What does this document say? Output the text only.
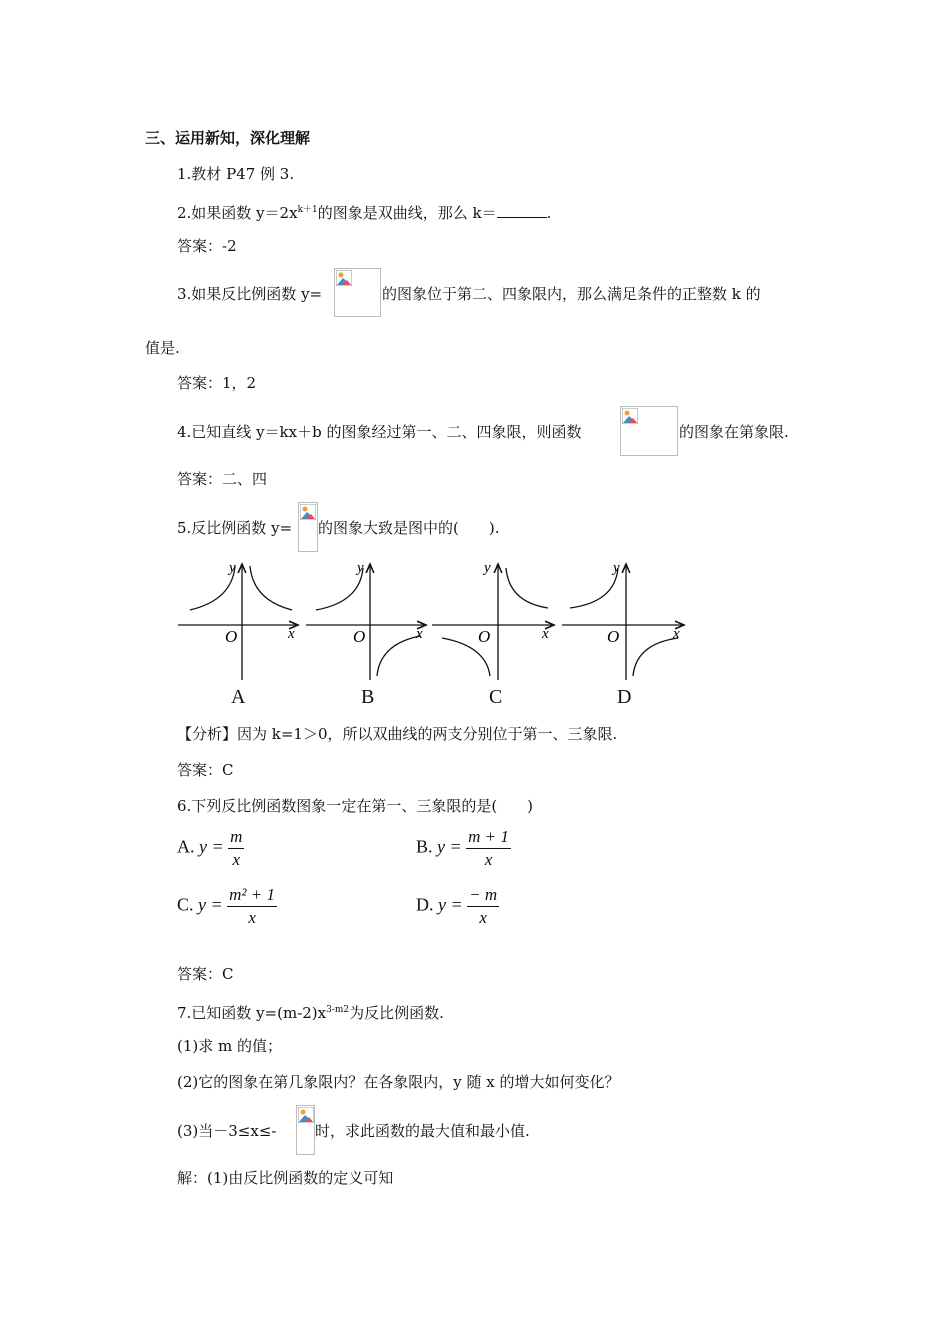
三、运用新知，深化理解
1.教材 P47 例 3.
2.如果函数 $y=2x^{k+1}$的图象是双曲线，那么 k＝	.
答案：-2
3.如果反比例函数 y=	的图象位于第二、四象限内，那么满足条件的正整数 k 的
值是.
答案：1，2
4.已知直线 y＝kx＋b 的图象经过第一、二、四象限，则函数	的图象在第象限.
答案：二、四
5.反比例函数 y= 的图象大致是图中的(　　).
y
x
O
y
x
O
y
x
O
y
x
O
A	B	C	D
【分析】因为 k=1＞0，所以双曲线的两支分别位于第一、三象限.
答案：C
6.下列反比例函数图象一定在第一、三象限的是(　　)
A. $y = \frac{m}{x}$	B. $y = \frac{m + 1}{x}$
C. $y = \frac{\text{m² + 1}}{x}$	D. $y = \frac{- m}{x}$
答案：C
7.已知函数 $y=(m-2)x^{3-m2}$为反比例函数.
(1)求 m 的值；
(2)它的图象在第几象限内？在各象限内，y 随 x 的增大如何变化？
(3)当－3≤x≤-	时，求此函数的最大值和最小值.
解：(1)由反比例函数的定义可知
